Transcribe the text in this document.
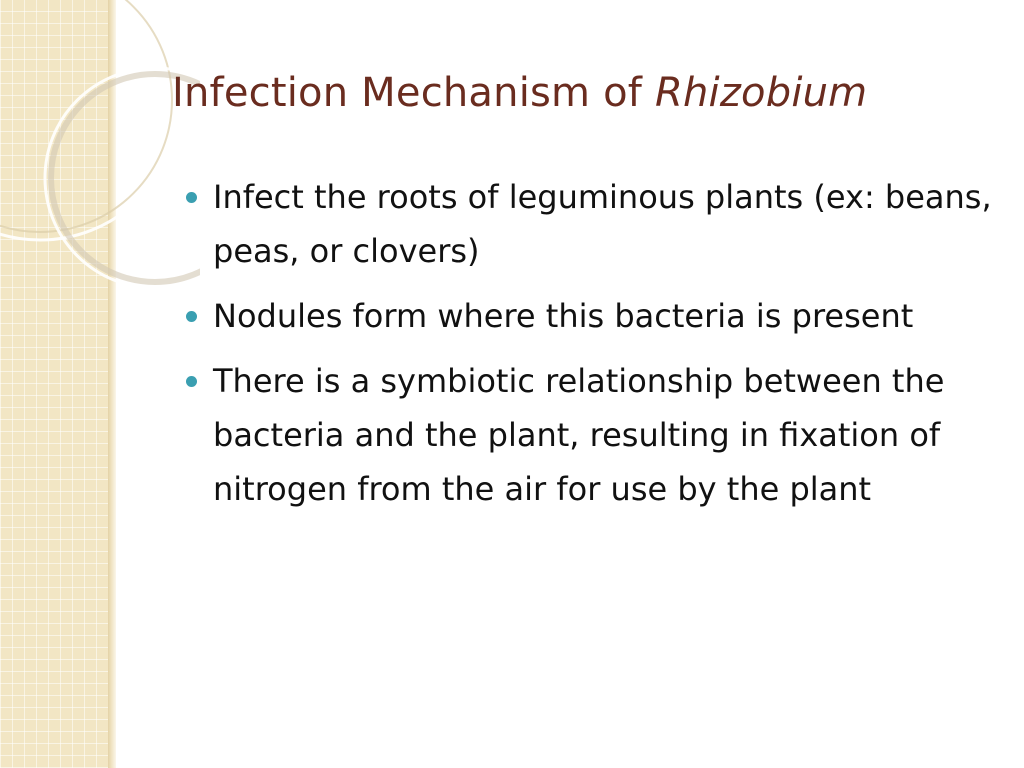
Infection Mechanism of Rhizobium
Infect the roots of leguminous plants (ex: beans, peas, or clovers)
Nodules form where this bacteria is present
There is a symbiotic relationship between the bacteria and the plant, resulting in fixation of nitrogen from the air for use by the plant
